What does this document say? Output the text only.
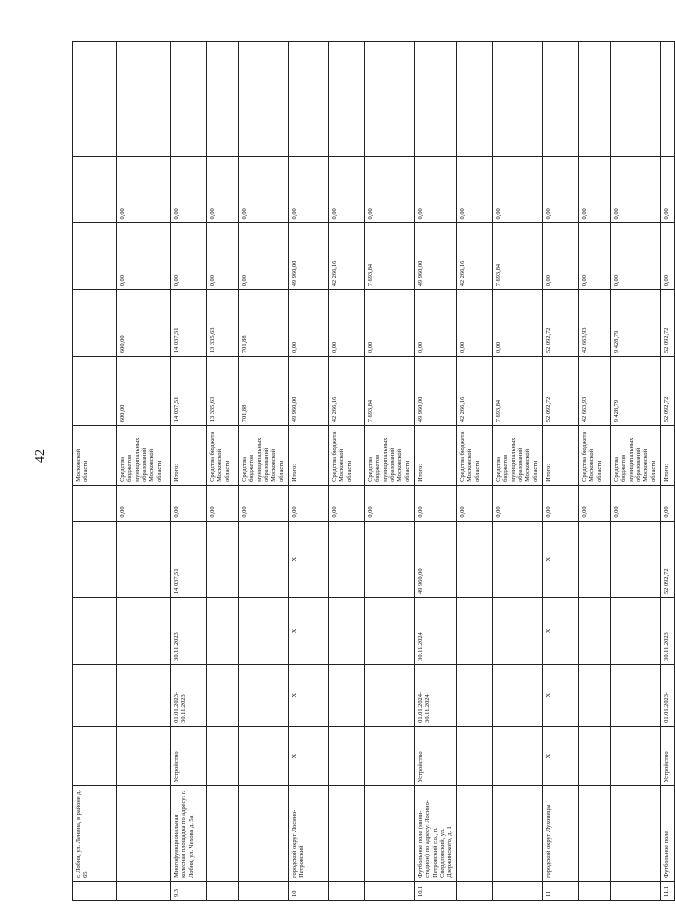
42
	г. Лобня, ул. Ленина, в районе д. 65						Московской области					
						0,00	Средства бюджетов муниципальных образований Московской области	600,00	600,00	0,00	0,00	
9.3	Многофункциональная колесная площадка по адресу: г. Лобня, ул. Чехова д. 5а	Устройство	01.01.2023-30.11.2023	30.11.2023	14 037,51	0,00	Итого:	14 037,51	14 037,51	0,00	0,00	
						0,00	Средства бюджета Московской области	13 335,63	13 335,63	0,00	0,00	
						0,00	Средства бюджетов муниципальных образований Московской области	701,88	701,88	0,00	0,00	
10	городской округ Лосино-Петровский	X	X	X	X	0,00	Итого:	49 960,00	0,00	49 960,00	0,00	
						0,00	Средства бюджета Московской области	42 266,16	0,00	42 266,16	0,00	
						0,00	Средства бюджетов муниципальных образований Московской области	7 693,84	0,00	7 693,84	0,00	
10.1	Футбольное поле (мини-стадион) по адресу: Лосино-Петровский г.о., п. Свердловский, ул. Дзержинского, д. 1	Устройство	01.01.2024-30.11.2024	30.11.2024	49 960,00	0,00	Итого:	49 960,00	0,00	49 960,00	0,00	
						0,00	Средства бюджета Московской области	42 266,16	0,00	42 266,16	0,00	
						0,00	Средства бюджетов муниципальных образований Московской области	7 693,84	0,00	7 693,84	0,00	
11	городской округ Луховицы	X	X	X	X	0,00	Итого:	52 092,72	52 092,72	0,00	0,00	
						0,00	Средства бюджета Московской области	42 663,93	42 663,93	0,00	0,00	
						0,00	Средства бюджетов муниципальных образований Московской области	9 428,79	9 428,79	0,00	0,00	
11.1	Футбольное поле	Устройство	01.01.2023-	30.11.2023	52 092,72	0,00	Итого:	52 092,72	52 092,72	0,00	0,00	
